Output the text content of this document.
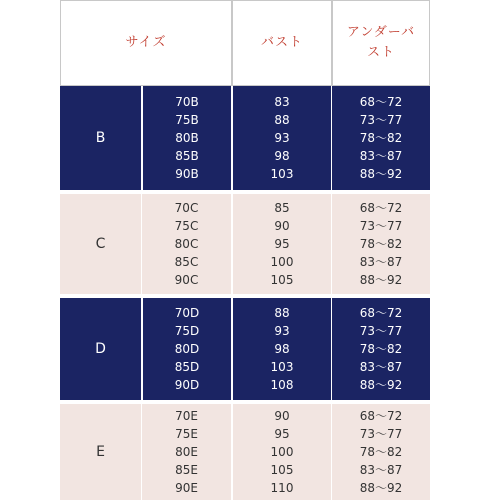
サイズ	バスト
アンダーバ
スト
B
70B
75B
80B
85B
90B
83
88
93
98
103
68～72
73～77
78～82
83～87
88～92
C
70C
75C
80C
85C
90C
85
90
95
100
105
68～72
73～77
78～82
83～87
88～92
D
70D
75D
80D
85D
90D
88
93
98
103
108
68～72
73～77
78～82
83～87
88～92
E
70E
75E
80E
85E
90E
90
95
100
105
110
68～72
73～77
78～82
83～87
88～92
